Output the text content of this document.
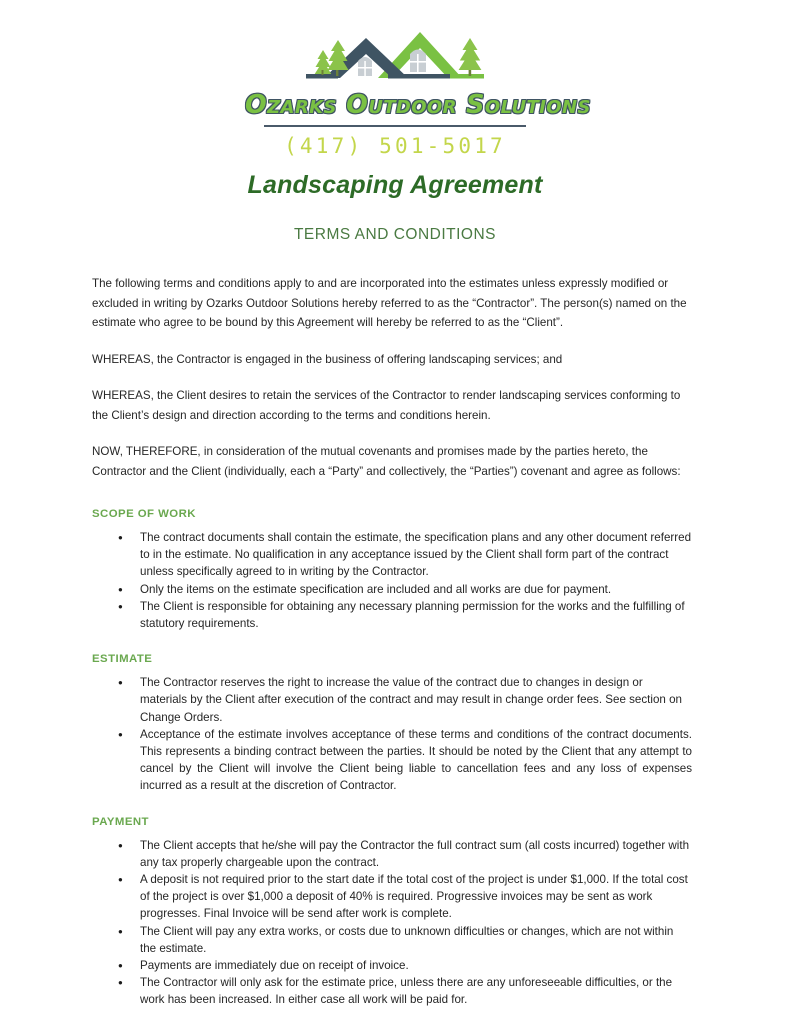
Ozarks Outdoor Solutions
(417) 501-5017
Landscaping Agreement
TERMS AND CONDITIONS

The following terms and conditions apply to and are incorporated into the estimates unless expressly modified or excluded in writing by Ozarks Outdoor Solutions hereby referred to as the “Contractor”. The person(s) named on the estimate who agree to be bound by this Agreement will hereby be referred to as the “Client”.

WHEREAS, the Contractor is engaged in the business of offering landscaping services; and

WHEREAS, the Client desires to retain the services of the Contractor to render landscaping services conforming to the Client’s design and direction according to the terms and conditions herein.

NOW, THEREFORE, in consideration of the mutual covenants and promises made by the parties hereto, the Contractor and the Client (individually, each a “Party” and collectively, the “Parties”) covenant and agree as follows:

SCOPE OF WORK
● The contract documents shall contain the estimate, the specification plans and any other document referred to in the estimate. No qualification in any acceptance issued by the Client shall form part of the contract unless specifically agreed to in writing by the Contractor.
● Only the items on the estimate specification are included and all works are due for payment.
● The Client is responsible for obtaining any necessary planning permission for the works and the fulfilling of statutory requirements.
ESTIMATE
● The Contractor reserves the right to increase the value of the contract due to changes in design or materials by the Client after execution of the contract and may result in change order fees. See section on Change Orders.
● Acceptance of the estimate involves acceptance of these terms and conditions of the contract documents. This represents a binding contract between the parties. It should be noted by the Client that any attempt to cancel by the Client will involve the Client being liable to cancellation fees and any loss of expenses incurred as a result at the discretion of Contractor.
PAYMENT
● The Client accepts that he/she will pay the Contractor the full contract sum (all costs incurred) together with any tax properly chargeable upon the contract.
● A deposit is not required prior to the start date if the total cost of the project is under $1,000. If the total cost of the project is over $1,000 a deposit of 40% is required. Progressive invoices may be sent as work progresses. Final Invoice will be send after work is complete.
● The Client will pay any extra works, or costs due to unknown difficulties or changes, which are not within the estimate.
● Payments are immediately due on receipt of invoice.
● The Contractor will only ask for the estimate price, unless there are any unforeseeable difficulties, or the work has been increased. In either case all work will be paid for.
